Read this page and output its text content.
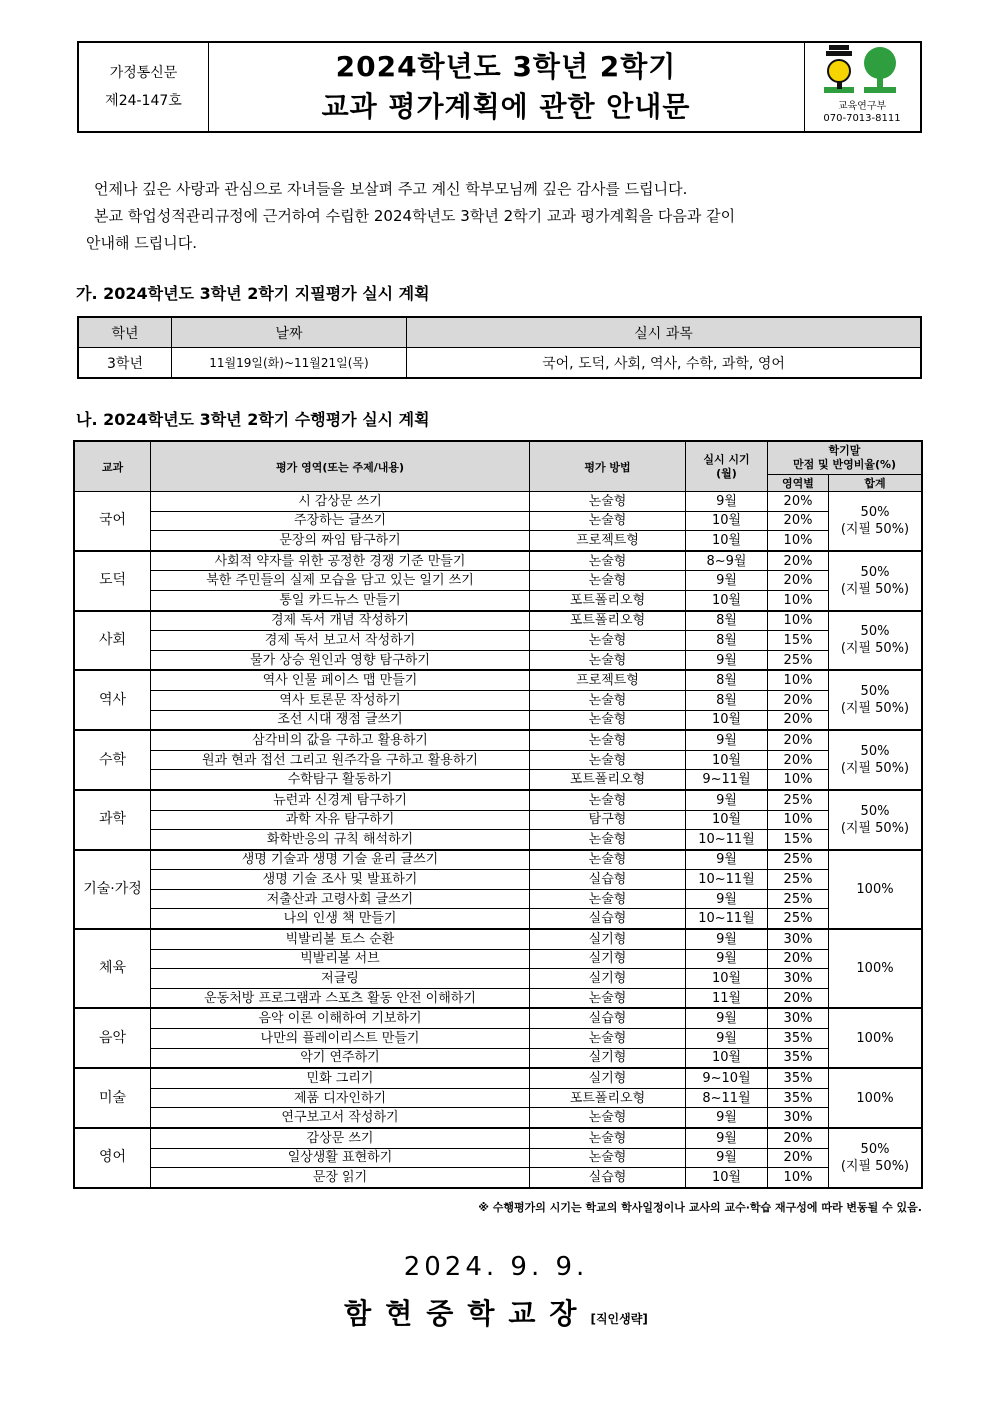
가정통신문
제24-147호
2024학년도 3학년 2학기
교과 평가계획에 관한 안내문	교육연구부
070-7013-8111
언제나 깊은 사랑과 관심으로 자녀들을 보살펴 주고 계신 학부모님께 깊은 감사를 드립니다.
본교 학업성적관리규정에 근거하여 수립한 2024학년도 3학년 2학기 교과 평가계획을 다음과 같이
안내해 드립니다.
가. 2024학년도 3학년 2학기 지필평가 실시 계획
학년	날짜	실시 과목
3학년	11월19일(화)~11월21일(목)	국어, 도덕, 사회, 역사, 수학, 과학, 영어
나. 2024학년도 3학년 2학기 수행평가 실시 계획
교과	평가 영역(또는 주제/내용)	평가 방법	실시 시기
(월)	학기말
만점 및 반영비율(%)	
				영역별	합계
국어	시 감상문 쓰기	논술형	9월	20%	50%
(지필 50%)
	주장하는 글쓰기	논술형	10월	20%	
	문장의 짜임 탐구하기	프로젝트형	10월	10%	
도덕	사회적 약자를 위한 공정한 경쟁 기준 만들기	논술형	8~9월	20%	50%
(지필 50%)
	북한 주민들의 실제 모습을 담고 있는 일기 쓰기	논술형	9월	20%	
	통일 카드뉴스 만들기	포트폴리오형	10월	10%	
사회	경제 독서 개념 작성하기	포트폴리오형	8월	10%	50%
(지필 50%)
	경제 독서 보고서 작성하기	논술형	8월	15%	
	물가 상승 원인과 영향 탐구하기	논술형	9월	25%	
역사	역사 인물 페이스 맵 만들기	프로젝트형	8월	10%	50%
(지필 50%)
	역사 토론문 작성하기	논술형	8월	20%	
	조선 시대 쟁점 글쓰기	논술형	10월	20%	
수학	삼각비의 값을 구하고 활용하기	논술형	9월	20%	50%
(지필 50%)
	원과 현과 접선 그리고 원주각을 구하고 활용하기	논술형	10월	20%	
	수학탐구 활동하기	포트폴리오형	9~11월	10%	
과학	뉴런과 신경계 탐구하기	논술형	9월	25%	50%
(지필 50%)
	과학 자유 탐구하기	탐구형	10월	10%	
	화학반응의 규칙 해석하기	논술형	10~11월	15%	
기술·가정	생명 기술과 생명 기술 윤리 글쓰기	논술형	9월	25%	100%
	생명 기술 조사 및 발표하기	실습형	10~11월	25%	
	저출산과 고령사회 글쓰기	논술형	9월	25%	
	나의 인생 책 만들기	실습형	10~11월	25%	
체육	빅발리볼 토스 순환	실기형	9월	30%	100%
	빅발리볼 서브	실기형	9월	20%	
	저글링	실기형	10월	30%	
	운동처방 프로그램과 스포츠 활동 안전 이해하기	논술형	11월	20%	
음악	음악 이론 이해하여 기보하기	실습형	9월	30%	100%
	나만의 플레이리스트 만들기	논술형	9월	35%	
	악기 연주하기	실기형	10월	35%	
미술	민화 그리기	실기형	9~10월	35%	100%
	제품 디자인하기	포트폴리오형	8~11월	35%	
	연구보고서 작성하기	논술형	9월	30%	
영어	감상문 쓰기	논술형	9월	20%	50%
(지필 50%)
	일상생활 표현하기	논술형	9월	20%	
	문장 읽기	실습형	10월	10%	
※ 수행평가의 시기는 학교의 학사일정이나 교사의 교수·학습 재구성에 따라 변동될 수 있음.
2024. 9. 9.
함현중학교장[직인생략]
